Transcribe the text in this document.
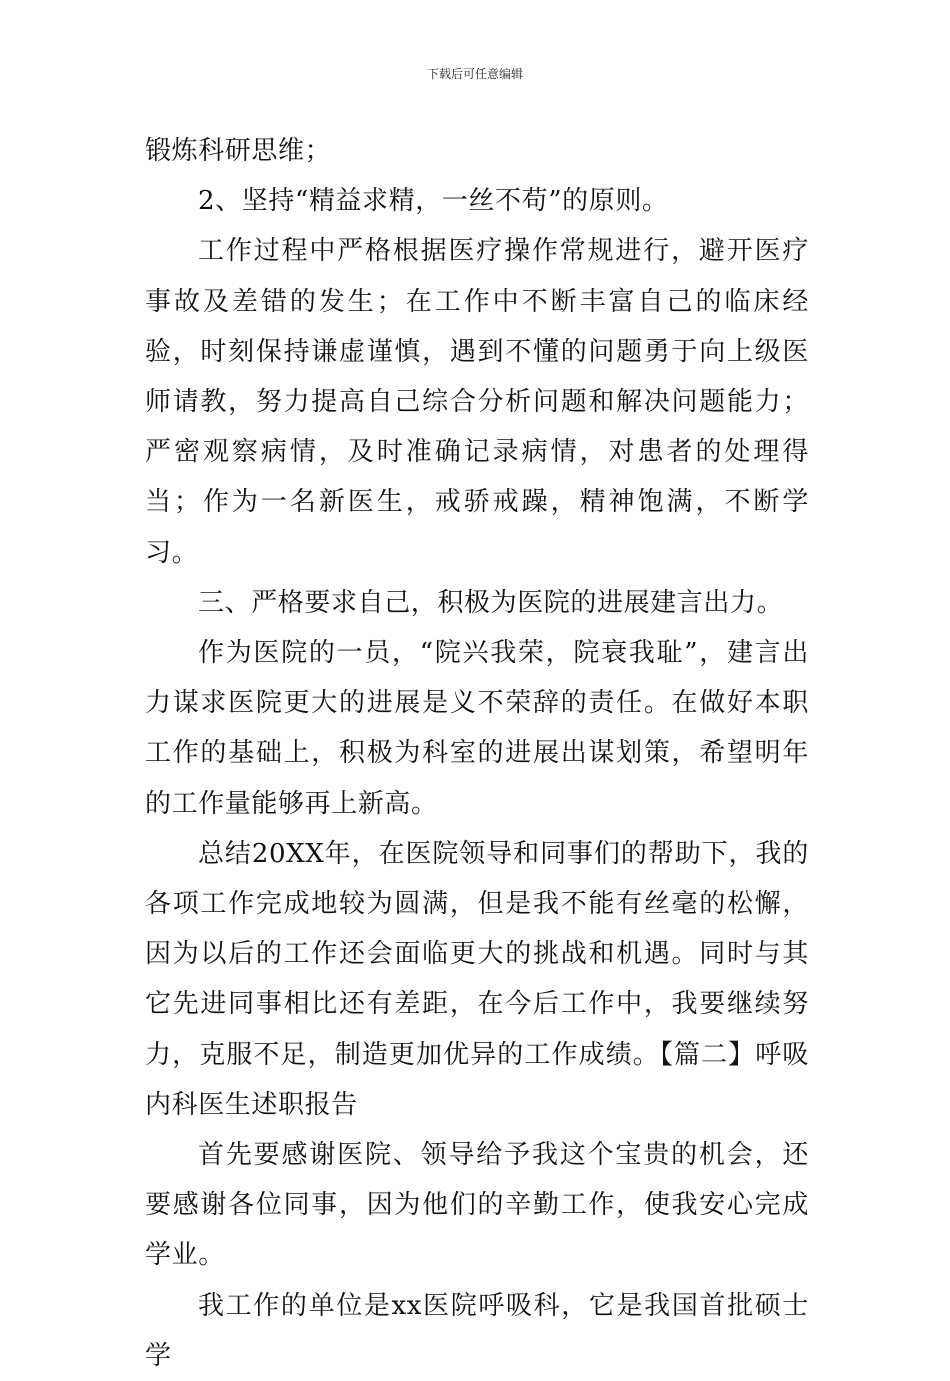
下载后可任意编辑

锻炼科研思维；

2、坚持“精益求精，一丝不苟”的原则。

工作过程中严格根据医疗操作常规进行，避开医疗事故及差错的发生；在工作中不断丰富自己的临床经验，时刻保持谦虚谨慎，遇到不懂的问题勇于向上级医师请教，努力提高自己综合分析问题和解决问题能力；严密观察病情，及时准确记录病情，对患者的处理得当；作为一名新医生，戒骄戒躁，精神饱满，不断学习。

三、严格要求自己，积极为医院的进展建言出力。

作为医院的一员，“院兴我荣，院衰我耻”，建言出力谋求医院更大的进展是义不荣辞的责任。在做好本职工作的基础上，积极为科室的进展出谋划策，希望明年的工作量能够再上新高。

总结20XX年，在医院领导和同事们的帮助下，我的各项工作完成地较为圆满，但是我不能有丝毫的松懈，因为以后的工作还会面临更大的挑战和机遇。同时与其它先进同事相比还有差距，在今后工作中，我要继续努力，克服不足，制造更加优异的工作成绩。【篇二】呼吸内科医生述职报告

首先要感谢医院、领导给予我这个宝贵的机会，还要感谢各位同事，因为他们的辛勤工作，使我安心完成学业。

我工作的单位是xx医院呼吸科，它是我国首批硕士学
